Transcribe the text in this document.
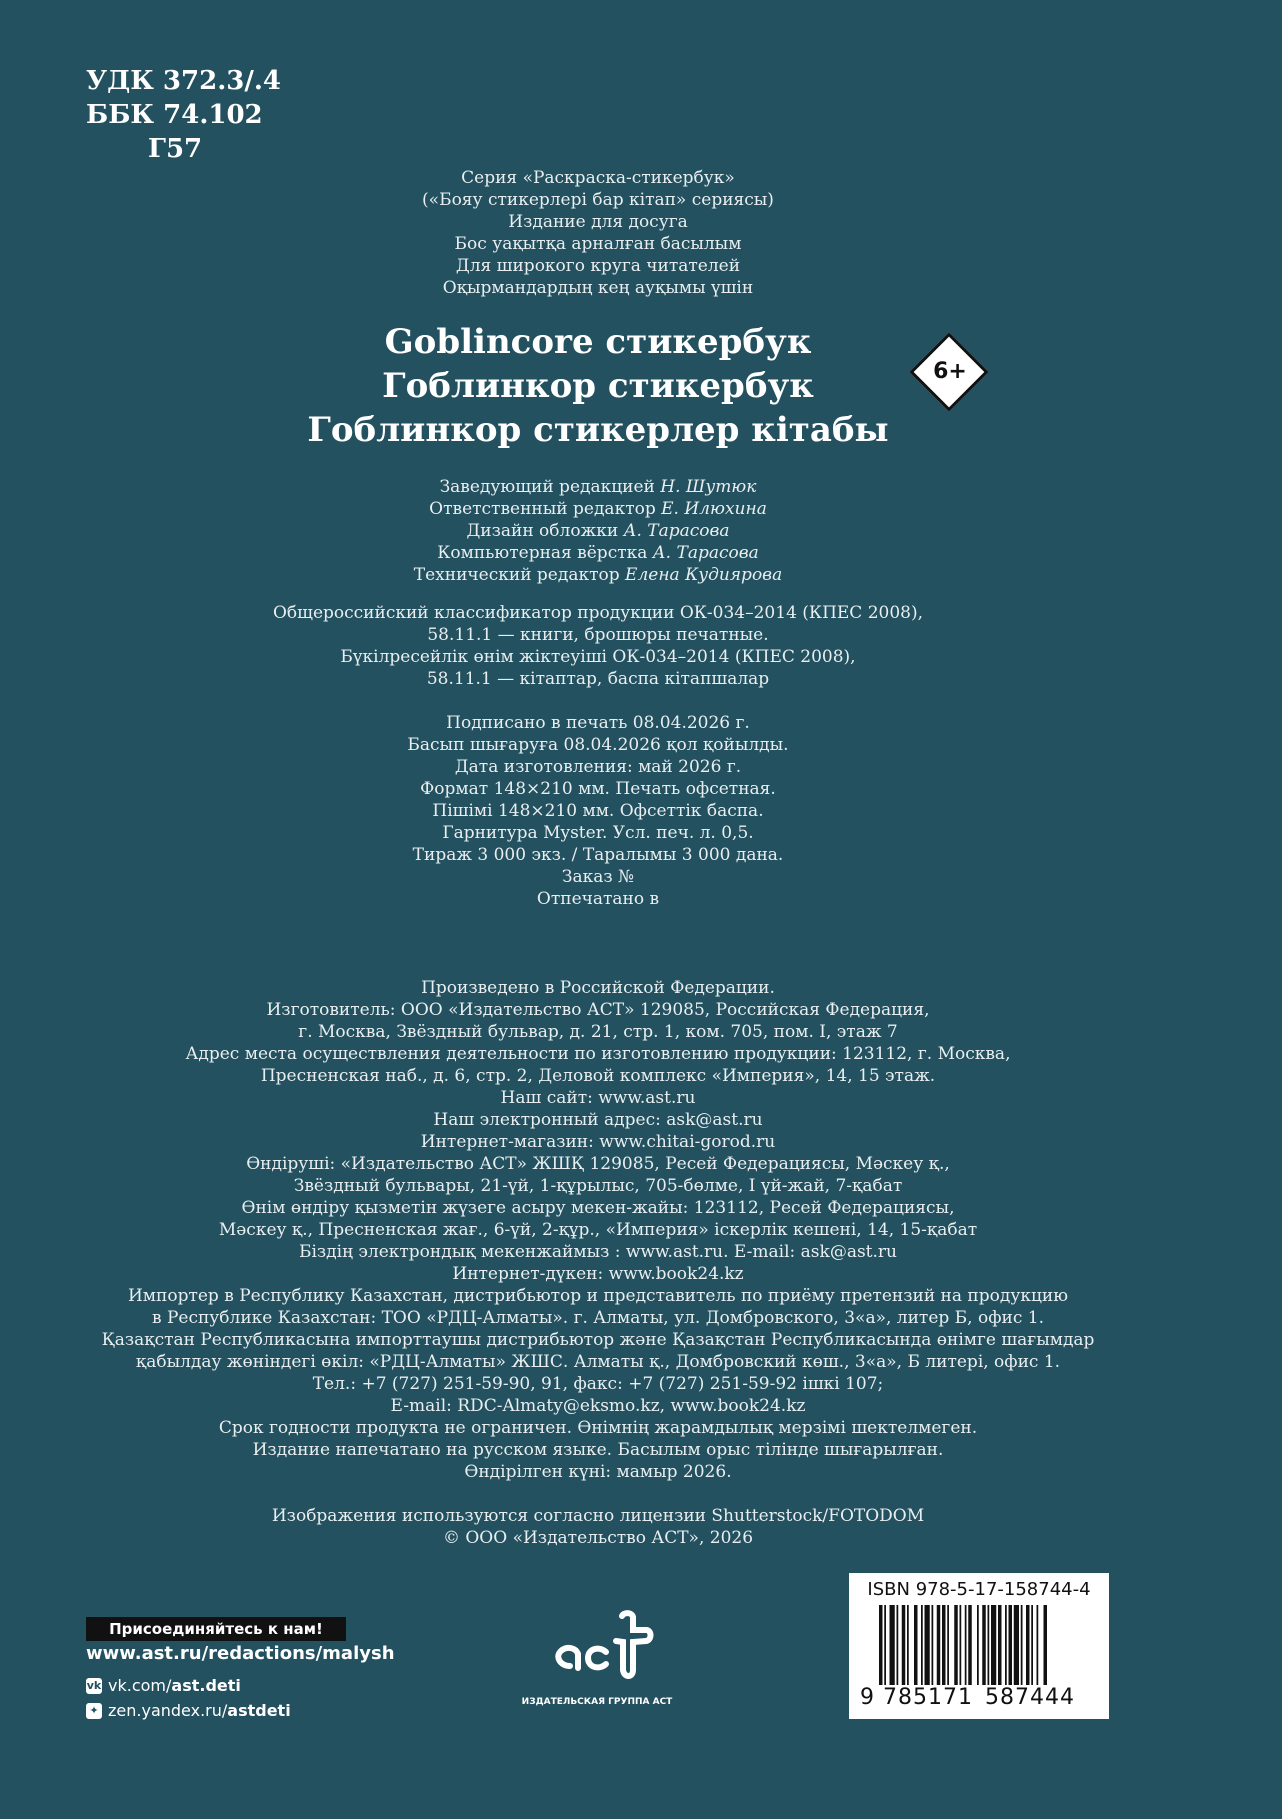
УДК 372.3/.4
ББК 74.102
Г57
Серия «Раскраска-стикербук»
(«Бояу стикерлері бар кітап» сериясы)
Издание для досуга
Бос уақытқа арналған басылым
Для широкого круга читателей
Оқырмандардың кең ауқымы үшін
Goblincore стикербук
Гоблинкор стикербук
Гоблинкор стикерлер кітабы
6+
Заведующий редакцией Н. Шутюк
Ответственный редактор Е. Илюхина
Дизайн обложки А. Тарасова
Компьютерная вёрстка А. Тарасова
Технический редактор Елена Кудиярова
Общероссийский классификатор продукции ОК-034–2014 (КПЕС 2008),
58.11.1 — книги, брошюры печатные.
Бүкілресейлік өнім жіктеуіші ОК-034–2014 (КПЕС 2008),
58.11.1 — кітаптар, баспа кітапшалар
Подписано в печать 08.04.2026 г.
Басып шығаруға 08.04.2026 қол қойылды.
Дата изготовления: май 2026 г.
Формат 148×210 мм. Печать офсетная.
Пішімі 148×210 мм. Офсеттік баспа.
Гарнитура Myster. Усл. печ. л. 0,5.
Тираж 3 000 экз. / Таралымы 3 000 дана.
Заказ №
Отпечатано в
Произведено в Российской Федерации.
Изготовитель: ООО «Издательство АСТ» 129085, Российская Федерация,
г. Москва, Звёздный бульвар, д. 21, стр. 1, ком. 705, пом. I, этаж 7
Адрес места осуществления деятельности по изготовлению продукции: 123112, г. Москва,
Пресненская наб., д. 6, стр. 2, Деловой комплекс «Империя», 14, 15 этаж.
Наш сайт: www.ast.ru
Наш электронный адрес: ask@ast.ru
Интернет-магазин: www.chitai-gorod.ru
Өндіруші: «Издательство АСТ» ЖШҚ 129085, Ресей Федерациясы, Мәскеу қ.,
Звёздный бульвары, 21-үй, 1-құрылыс, 705-бөлме, I үй-жай, 7-қабат
Өнім өндіру қызметін жүзеге асыру мекен-жайы: 123112, Ресей Федерациясы,
Мәскеу қ., Пресненская жағ., 6-үй, 2-құр., «Империя» іскерлік кешені, 14, 15-қабат
Біздің электрондық мекенжаймыз : www.ast.ru. E-mail: ask@ast.ru
Интернет-дүкен: www.book24.kz
Импортер в Республику Казахстан, дистрибьютор и представитель по приёму претензий на продукцию
в Республике Казахстан: ТОО «РДЦ-Алматы». г. Алматы, ул. Домбровского, 3«а», литер Б, офис 1.
Қазақстан Республикасына импорттаушы дистрибьютор және Қазақстан Республикасында өнімге шағымдар
қабылдау жөніндегі өкіл: «РДЦ-Алматы» ЖШС. Алматы қ., Домбровский көш., 3«а», Б литері, офис 1.
Тел.: +7 (727) 251-59-90, 91, факс: +7 (727) 251-59-92 ішкі 107;
E-mail: RDC-Almaty@eksmo.kz, www.book24.kz
Срок годности продукта не ограничен. Өнімнің жарамдылық мерзімі шектелмеген.
Издание напечатано на русском языке. Басылым орыс тілінде шығарылған.
Өндірілген күні: мамыр 2026.
Изображения используются согласно лицензии Shutterstock/FOTODOM
© ООО «Издательство АСТ», 2026
Присоединяйтесь к нам!
www.ast.ru/redactions/malysh
vk vk.com/ ast.deti
✦ zen.yandex.ru/ astdeti	ИЗДАТЕЛЬСКАЯ ГРУППА АСТ
ISBN 978-5-17-158744-4
9 785171 587444
